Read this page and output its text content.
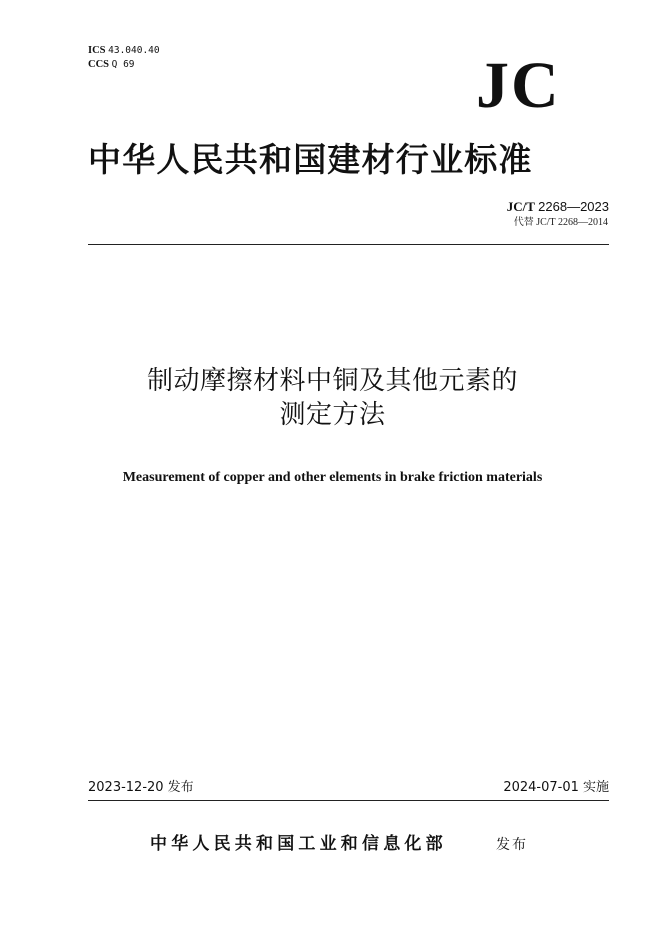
ICS 43.040.40
CCS Q 69	JC
中华人民共和国建材行业标准
JC/T 2268—2023
代替 JC/T 2268—2014
制动摩擦材料中铜及其他元素的
测定方法
Measurement of copper and other elements in brake friction materials
2023-12-20 发布	2024-07-01 实施
中华人民共和国工业和信息化部	发布
